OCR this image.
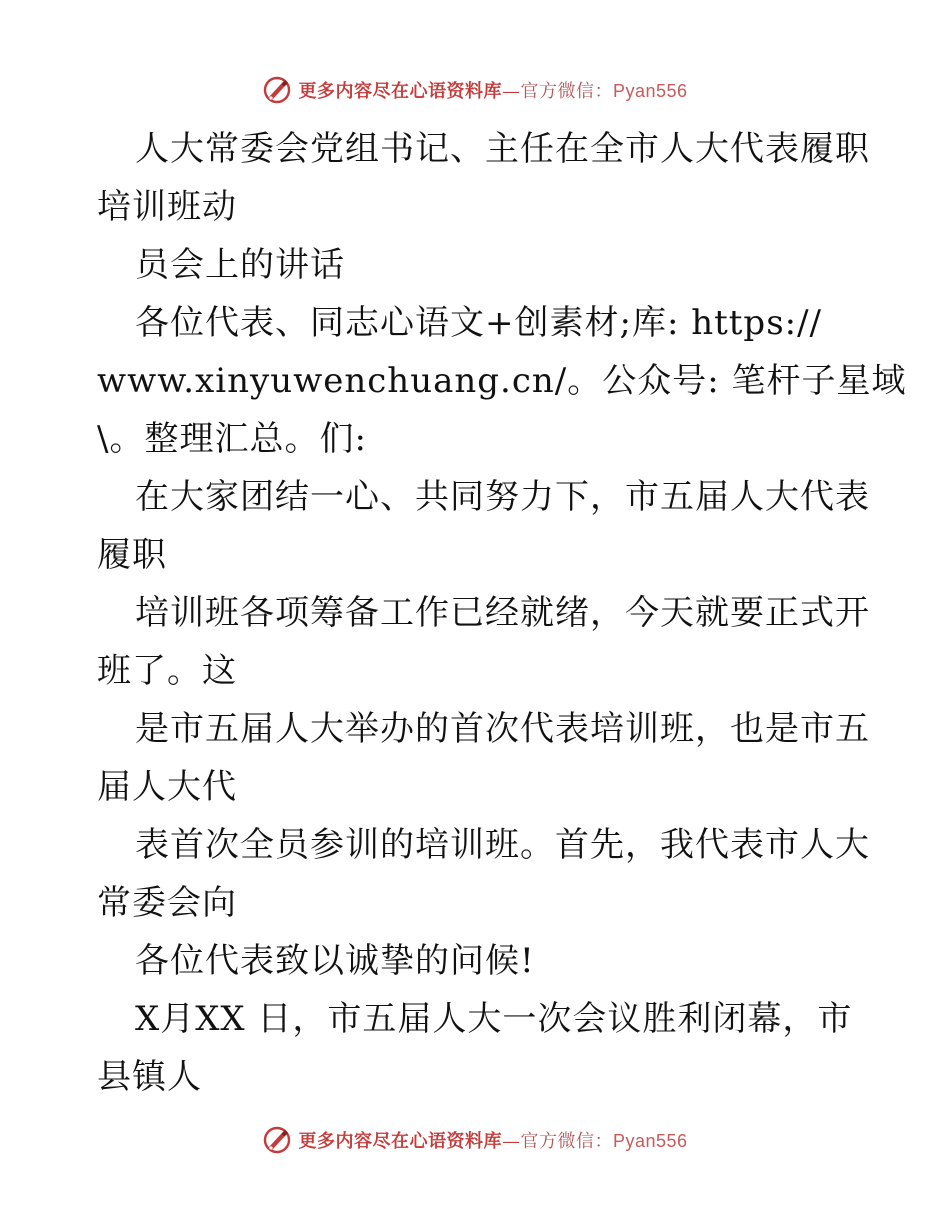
更多内容尽在心语资料库—官方微信：Pyan556
人大常委会党组书记、主任在全市人大代表履职
培训班动
员会上的讲话
各位代表、同志心语文+创素材;库: https://
www.xinyuwenchuang.cn/。公众号: 笔杆子星域
\。整理汇总。们:
在大家团结一心、共同努力下，市五届人大代表
履职
培训班各项筹备工作已经就绪，今天就要正式开
班了。这
是市五届人大举办的首次代表培训班，也是市五
届人大代
表首次全员参训的培训班。首先，我代表市人大
常委会向
各位代表致以诚挚的问候!
X月XX 日，市五届人大一次会议胜利闭幕，市
县镇人
更多内容尽在心语资料库—官方微信：Pyan556
